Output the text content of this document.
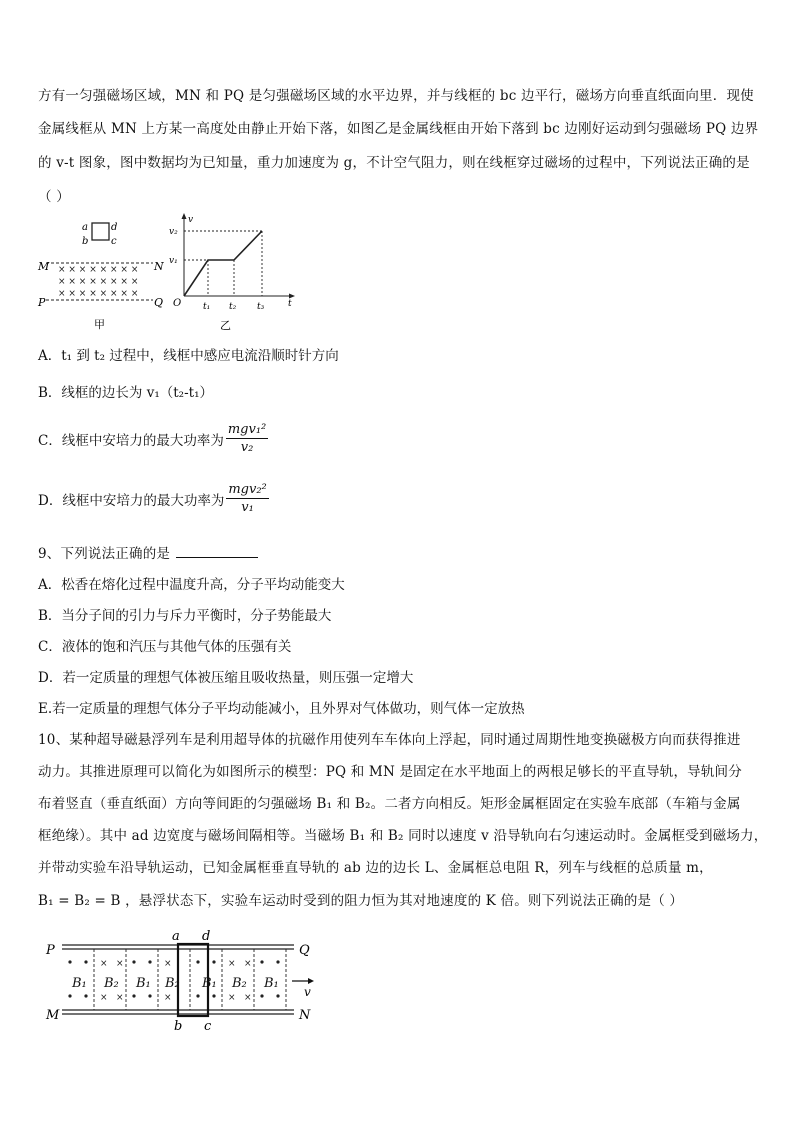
方有一匀强磁场区域，MN 和 PQ 是匀强磁场区域的水平边界，并与线框的 bc 边平行，磁场方向垂直纸面向里．现使
金属线框从 MN 上方某一高度处由静止开始下落，如图乙是金属线框由开始下落到 bc 边刚好运动到匀强磁场 PQ 边界
的 v-t 图象，图中数据均为已知量，重力加速度为 g，不计空气阻力，则在线框穿过磁场的过程中，下列说法正确的是
（ ）
a d
b c
M	N
× × × × × × × ×
× × × × × × × ×
× × × × × × × ×
P	Q
甲
v
t
O
v₂
v₁
t₁ t₂ t₃
乙
A．t₁ 到 t₂ 过程中，线框中感应电流沿顺时针方向
B．线框的边长为 v₁（t₂-t₁）
C．线框中安培力的最大功率为 $\frac{\text{mgv₁²}}{\text{v₂}}$
D．线框中安培力的最大功率为 $\frac{\text{mgv₂²}}{\text{v₁}}$
9、下列说法正确的是
A．松香在熔化过程中温度升高，分子平均动能变大
B．当分子间的引力与斥力平衡时，分子势能最大
C．液体的饱和汽压与其他气体的压强有关
D．若一定质量的理想气体被压缩且吸收热量，则压强一定增大
E.若一定质量的理想气体分子平均动能减小，且外界对气体做功，则气体一定放热
10、某种超导磁悬浮列车是利用超导体的抗磁作用使列车车体向上浮起，同时通过周期性地变换磁极方向而获得推进
动力。其推进原理可以简化为如图所示的模型：PQ 和 MN 是固定在水平地面上的两根足够长的平直导轨，导轨间分
布着竖直（垂直纸面）方向等间距的匀强磁场 B₁ 和 B₂。二者方向相反。矩形金属框固定在实验车底部（车箱与金属
框绝缘）。其中 ad 边宽度与磁场间隔相等。当磁场 B₁ 和 B₂ 同时以速度 v 沿导轨向右匀速运动时。金属框受到磁场力，
并带动实验车沿导轨运动，已知金属框垂直导轨的 ab 边的边长 L、金属框总电阻 R，列车与线框的总质量 m，
B₁ = B₂ = B ，悬浮状态下，实验车运动时受到的阻力恒为其对地速度的 K 倍。则下列说法正确的是（ ）
a d
P	Q
× ×
× ×
×
×
× ×
× ×
B₁ B₂ B₁ B₂ B₁ B₂ B₁
v
M	N
b c
